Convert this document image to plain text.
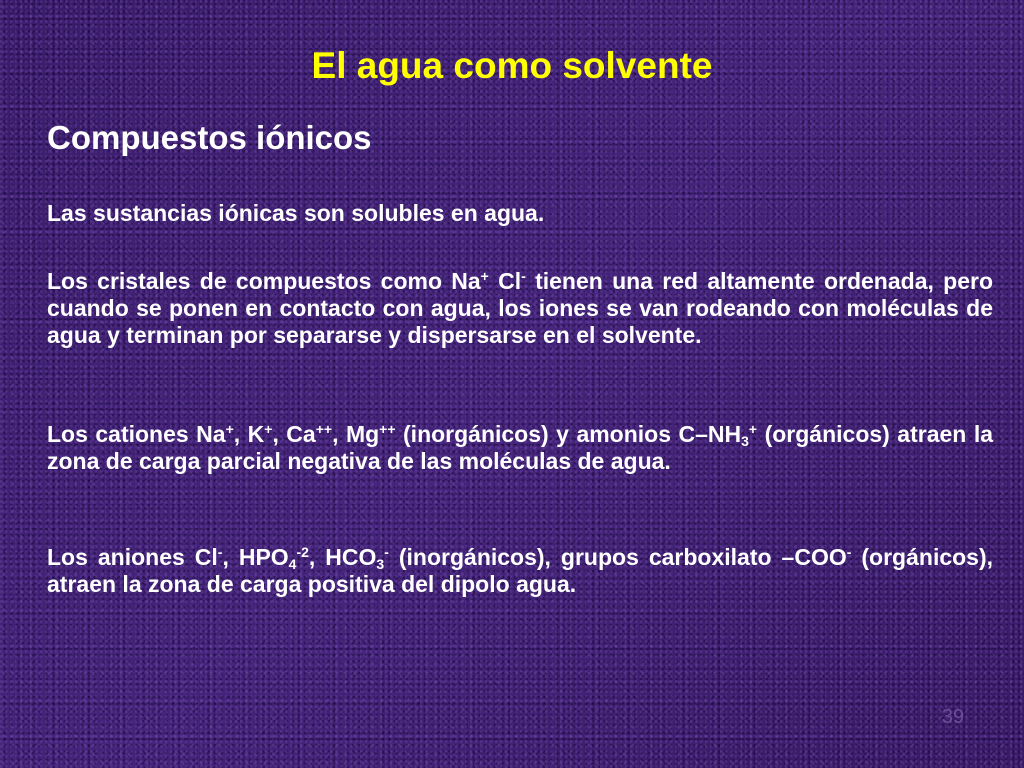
El agua como solvente
Compuestos iónicos

Las sustancias iónicas son solubles en agua.

Los cristales de compuestos como Na+ Cl- tienen una red altamente ordenada, pero cuando se ponen en contacto con agua, los iones se van rodeando con moléculas de agua y terminan por separarse y dispersarse en el solvente.

Los cationes Na+, K+, Ca++, Mg++ (inorgánicos) y amonios $C-NH_3^+$ (orgánicos) atraen la zona de carga parcial negativa de las moléculas de agua.

Los aniones Cl-, $HPO_4^{-2}$, $HCO_3^-$ (inorgánicos), grupos carboxilato –COO- (orgánicos), atraen la zona de carga positiva del dipolo agua.

39
